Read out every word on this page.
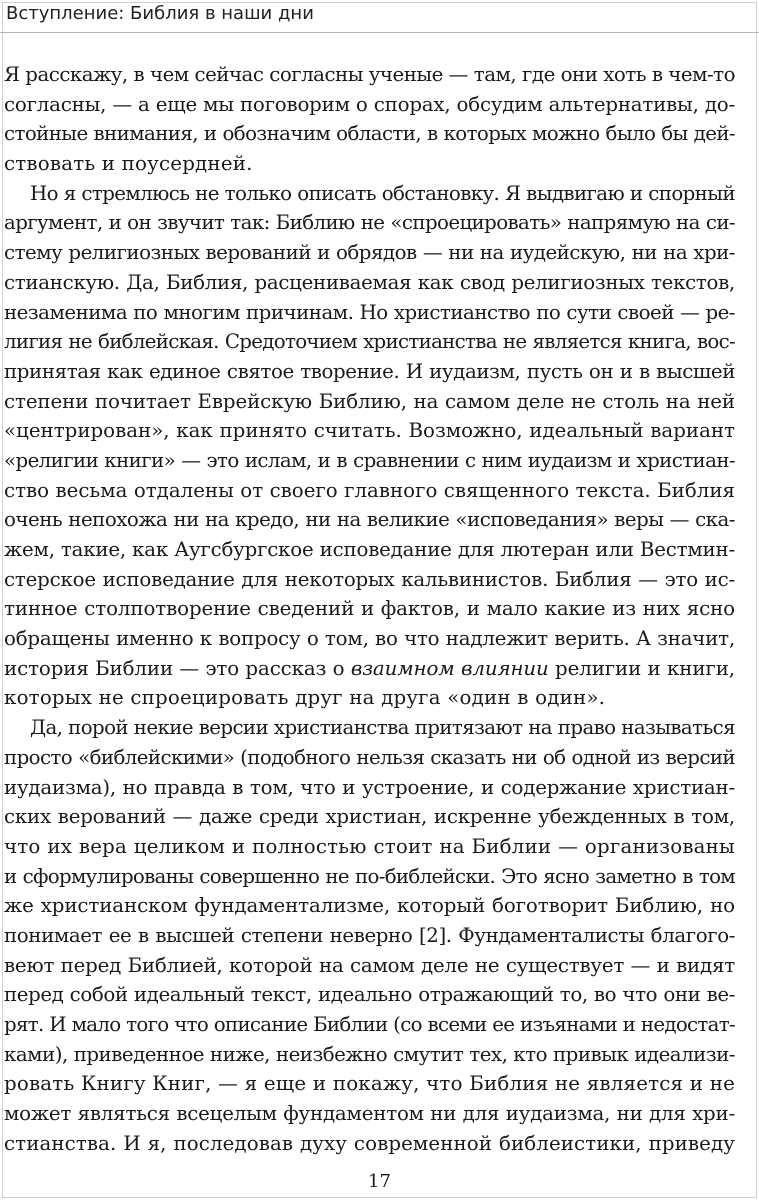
Вступление: Библия в наши дни
Я расскажу, в чем сейчас согласны ученые — там, где они хоть в чем-то
согласны, — а еще мы поговорим о спорах, обсудим альтернативы, до-
стойные внимания, и обозначим области, в которых можно было бы дей-
ствовать и поусердней.
Но я стремлюсь не только описать обстановку. Я выдвигаю и спорный
аргумент, и он звучит так: Библию не «спроецировать» напрямую на си-
стему религиозных верований и обрядов — ни на иудейскую, ни на хри-
стианскую. Да, Библия, расцениваемая как свод религиозных текстов,
незаменима по многим причинам. Но христианство по сути своей — ре-
лигия не библейская. Средоточием христианства не является книга, вос-
принятая как единое святое творение. И иудаизм, пусть он и в высшей
степени почитает Еврейскую Библию, на самом деле не столь на ней
«центрирован», как принято считать. Возможно, идеальный вариант
«религии книги» — это ислам, и в сравнении с ним иудаизм и христиан-
ство весьма отдалены от своего главного священного текста. Библия
очень непохожа ни на кредо, ни на великие «исповедания» веры — ска-
жем, такие, как Аугсбургское исповедание для лютеран или Вестмин-
стерское исповедание для некоторых кальвинистов. Библия — это ис-
тинное столпотворение сведений и фактов, и мало какие из них ясно
обращены именно к вопросу о том, во что надлежит верить. А значит,
история Библии — это рассказ о взаимном влиянии религии и книги,
которых не спроецировать друг на друга «один в один».
Да, порой некие версии христианства притязают на право называться
просто «библейскими» (подобного нельзя сказать ни об одной из версий
иудаизма), но правда в том, что и устроение, и содержание христиан-
ских верований — даже среди христиан, искренне убежденных в том,
что их вера целиком и полностью стоит на Библии — организованы
и сформулированы совершенно не по-библейски. Это ясно заметно в том
же христианском фундаментализме, который боготворит Библию, но
понимает ее в высшей степени неверно [2]. Фундаменталисты благого-
веют перед Библией, которой на самом деле не существует — и видят
перед собой идеальный текст, идеально отражающий то, во что они ве-
рят. И мало того что описание Библии (со всеми ее изъянами и недостат-
ками), приведенное ниже, неизбежно смутит тех, кто привык идеализи-
ровать Книгу Книг, — я еще и покажу, что Библия не является и не
может являться всецелым фундаментом ни для иудаизма, ни для хри-
стианства. И я, последовав духу современной библеистики, приведу
17
